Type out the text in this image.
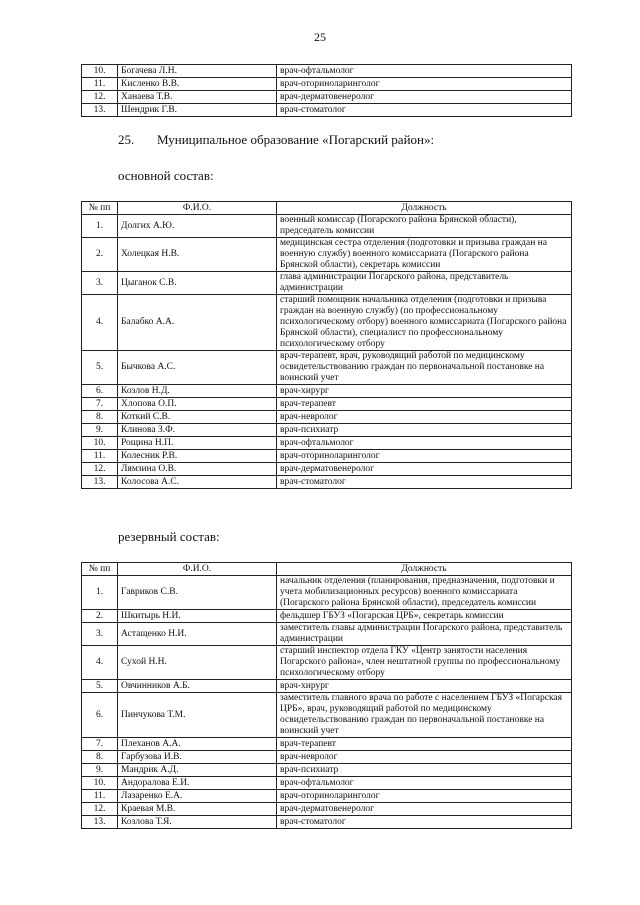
25
10.	Богачева Л.Н.	врач-офтальмолог
11.	Кисленко В.В.	врач-оториноларинголог
12.	Ханаева Т.В.	врач-дерматовенеролог
13.	Шендрик Г.В.	врач-стоматолог
25. Муниципальное образование «Погарский район»:
основной состав:
№ пп	Ф.И.О.	Должность
1.	Долгих А.Ю.	военный комиссар (Погарского района Брянской области), председатель комиссии
2.	Холецкая Н.В.	медицинская сестра отделения (подготовки и призыва граждан на военную службу) военного комиссариата (Погарского района Брянской области), секретарь комиссии
3.	Цыганок С.В.	глава администрации Погарского района, представитель администрации
4.	Балабко А.А.	старший помощник начальника отделения (подготовки и призыва граждан на военную службу) (по профессиональному психологическому отбору) военного комиссариата (Погарского района Брянской области), специалист по профессиональному психологическому отбору
5.	Бычкова А.С.	врач-терапевт, врач, руководящий работой по медицинскому освидетельствованию граждан по первоначальной постановке на воинский учет
6.	Козлов Н.Д.	врач-хирург
7.	Хлопова О.П.	врач-терапевт
8.	Коткий С.В.	врач-невролог
9.	Клинова З.Ф.	врач-психиатр
10.	Рощина Н.П.	врач-офтальмолог
11.	Колесник Р.В.	врач-оториноларинголог
12.	Лямзина О.В.	врач-дерматовенеролог
13.	Колосова А.С.	врач-стоматолог
резервный состав:
№ пп	Ф.И.О.	Должность
1.	Гавриков С.В.	начальник отделения (планирования, предназначения, подготовки и учета мобилизационных ресурсов) военного комиссариата (Погарского района Брянской области), председатель комиссии
2.	Шкитырь Н.И.	фельдшер ГБУЗ «Погарская ЦРБ», секретарь комиссии
3.	Астащенко Н.И.	заместитель главы администрации Погарского района, представитель администрации
4.	Сухой Н.Н.	старший инспектор отдела ГКУ «Центр занятости населения Погарского района», член нештатной группы по профессиональному психологическому отбору
5.	Овчинников А.Б.	врач-хирург
6.	Пинчукова Т.М.	заместитель главного врача по работе с населением ГБУЗ «Погарская ЦРБ», врач, руководящий работой по медицинскому освидетельствованию граждан по первоначальной постановке на воинский учет
7.	Плеханов А.А.	врач-терапевт
8.	Гарбузова И.В.	врач-невролог
9.	Мандрик А.Д.	врач-психиатр
10.	Андоралова Е.И.	врач-офтальмолог
11.	Лазаренко Е.А.	врач-оториноларинголог
12.	Краевая М.В.	врач-дерматовенеролог
13.	Козлова Т.Я.	врач-стоматолог
